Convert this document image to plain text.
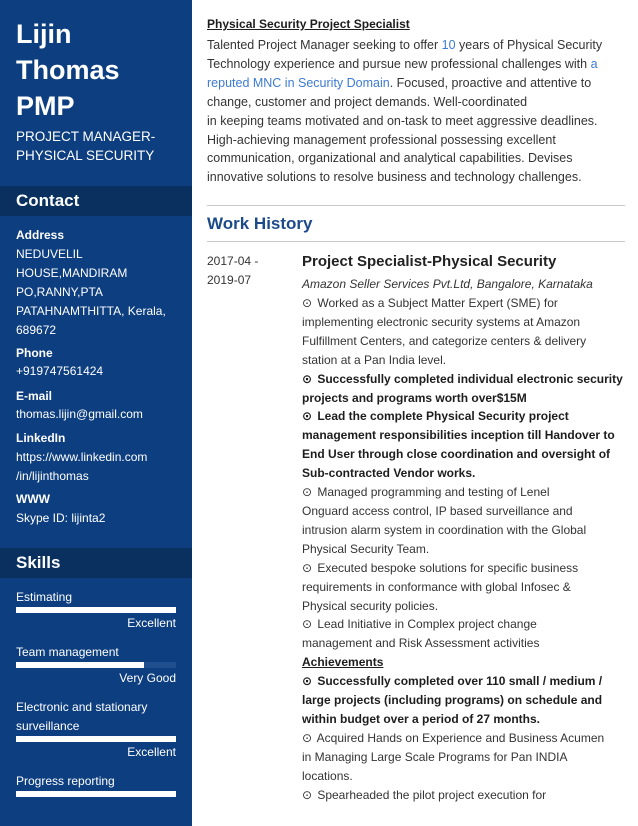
Lijin
Thomas
PMP
PROJECT MANAGER-
PHYSICAL SECURITY
Contact
Address
NEDUVELIL
HOUSE,MANDIRAM
PO,RANNY,PTA
PATAHNAMTHITTA, Kerala,
689672
Phone
+919747561424
E-mail
thomas.lijin@gmail.com
LinkedIn
https://www.linkedin.com
/in/lijinthomas
WWW
Skype ID: lijinta2
Skills
Estimating
Excellent
Team management
Very Good
Electronic and stationary
surveillance
Excellent
Progress reporting
Physical Security Project Specialist
Talented Project Manager seeking to offer 10 years of Physical Security
Technology experience and pursue new professional challenges with a
reputed MNC in Security Domain. Focused, proactive and attentive to
change, customer and project demands. Well-coordinated
in keeping teams motivated and on-task to meet aggressive deadlines.
High-achieving management professional possessing excellent
communication, organizational and analytical capabilities. Devises
innovative solutions to resolve business and technology challenges.
Work History
2017-04 -
2019-07
Project Specialist-Physical Security
Amazon Seller Services Pvt.Ltd, Bangalore, Karnataka
⊙ Worked as a Subject Matter Expert (SME) for
implementing electronic security systems at Amazon
Fulfillment Centers, and categorize centers & delivery
station at a Pan India level.
⊙ Successfully completed individual electronic security
projects and programs worth over$15M
⊙ Lead the complete Physical Security project
management responsibilities inception till Handover to
End User through close coordination and oversight of
Sub-contracted Vendor works.
⊙ Managed programming and testing of Lenel
Onguard access control, IP based surveillance and
intrusion alarm system in coordination with the Global
Physical Security Team.
⊙ Executed bespoke solutions for specific business
requirements in conformance with global Infosec &
Physical security policies.
⊙ Lead Initiative in Complex project change
management and Risk Assessment activities
Achievements
⊙ Successfully completed over 110 small / medium /
large projects (including programs) on schedule and
within budget over a period of 27 months.
⊙ Acquired Hands on Experience and Business Acumen
in Managing Large Scale Programs for Pan INDIA
locations.
⊙ Spearheaded the pilot project execution for
